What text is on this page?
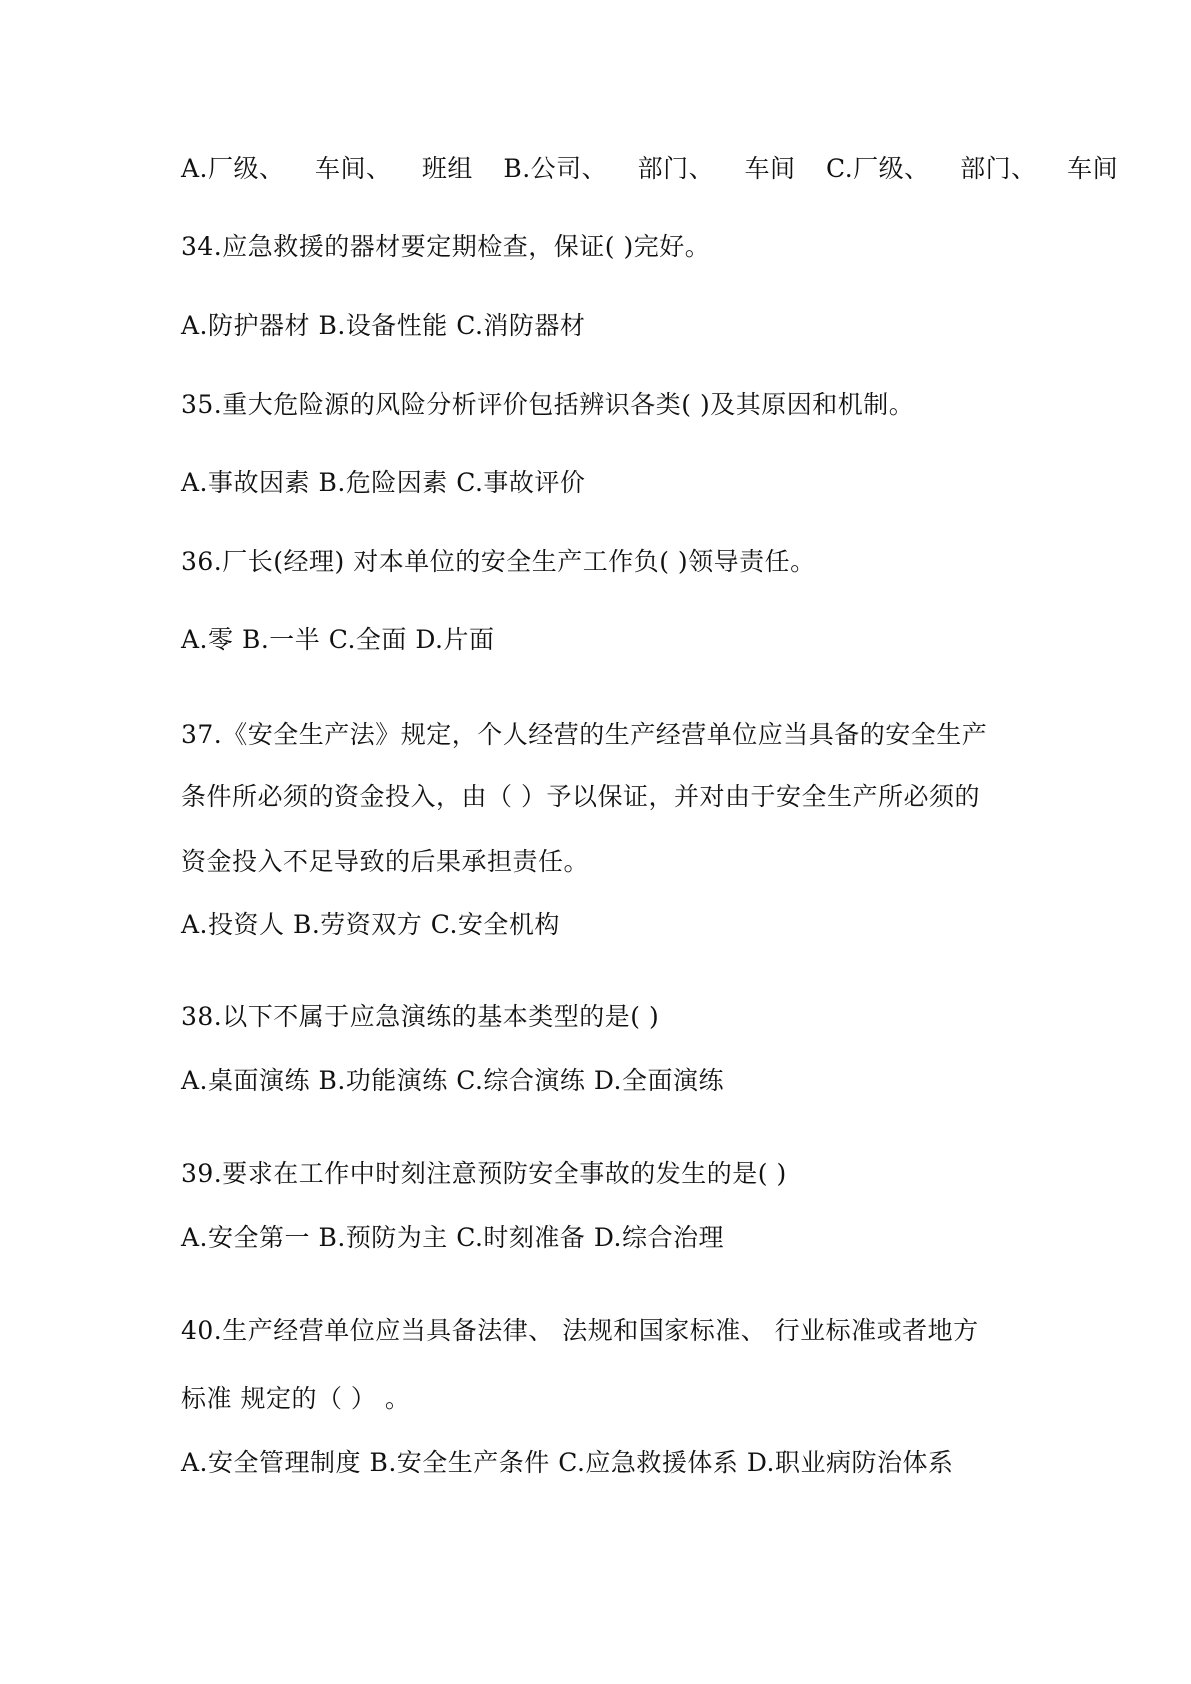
A.厂级、 车间、 班组 B.公司、 部门、 车间 C.厂级、 部门、 车间
34.应急救援的器材要定期检查，保证( )完好。
A.防护器材 B.设备性能 C.消防器材
35.重大危险源的风险分析评价包括辨识各类( )及其原因和机制。
A.事故因素 B.危险因素 C.事故评价
36.厂长(经理) 对本单位的安全生产工作负( )领导责任。
A.零 B.一半 C.全面 D.片面
37.《安全生产法》规定，个人经营的生产经营单位应当具备的安全生产
条件所必须的资金投入，由（ ）予以保证，并对由于安全生产所必须的
资金投入不足导致的后果承担责任。
A.投资人 B.劳资双方 C.安全机构
38.以下不属于应急演练的基本类型的是( )
A.桌面演练 B.功能演练 C.综合演练 D.全面演练
39.要求在工作中时刻注意预防安全事故的发生的是( )
A.安全第一 B.预防为主 C.时刻准备 D.综合治理
40.生产经营单位应当具备法律、 法规和国家标准、 行业标准或者地方
标准 规定的（ ） 。
A.安全管理制度 B.安全生产条件 C.应急救援体系 D.职业病防治体系
